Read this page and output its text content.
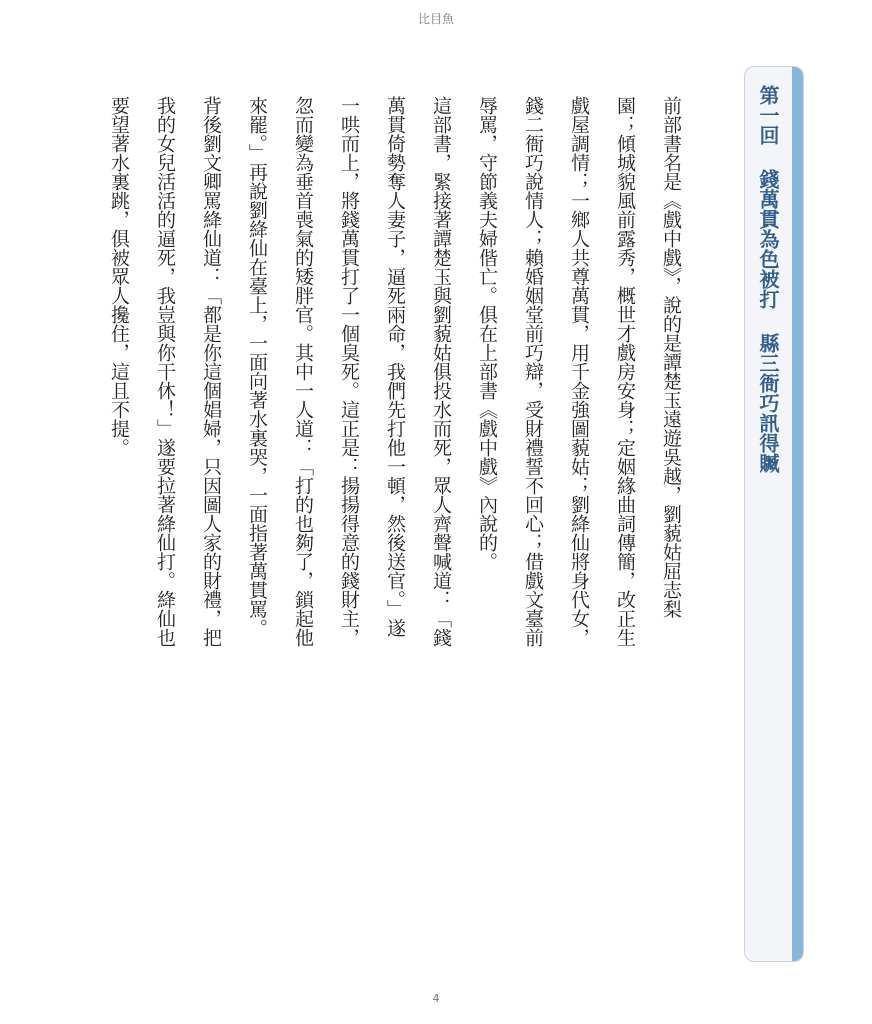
比目魚
第一回錢萬貫為色被打縣三衙巧訊得贓

前部書名是《戲中戲》，說的是譚楚玉遠遊吳越，劉藐姑屈志梨園；傾城貌風前露秀，概世才戲房安身；定姻緣曲詞傳簡，改正生戲屋調情；一鄉人共尊萬貫，用千金強圖藐姑；劉絳仙將身代女，錢二衙巧說情人；賴婚姻堂前巧辯，受財禮誓不回心；借戲文臺前辱罵，守節義夫婦偕亡。俱在上部書《戲中戲》內說的。

這部書，緊接著譚楚玉與劉藐姑俱投水而死，眾人齊聲喊道：「錢萬貫倚勢奪人妻子，逼死兩命，我們先打他一頓，然後送官。」遂一哄而上，將錢萬貫打了一個臭死。這正是：揚揚得意的錢財主，忽而變為垂首喪氣的矮胖官。其中一人道：「打的也夠了，鎖起他來罷。」再說劉絳仙在臺上，一面向著水裏哭，一面指著萬貫罵。背後劉文卿罵絳仙道：「都是你這個娼婦，只因圖人家的財禮，把我的女兒活活的逼死，我豈與你干休！」遂要拉著絳仙打。絳仙也要望著水裏跳，俱被眾人攙住，這且不提。

4
